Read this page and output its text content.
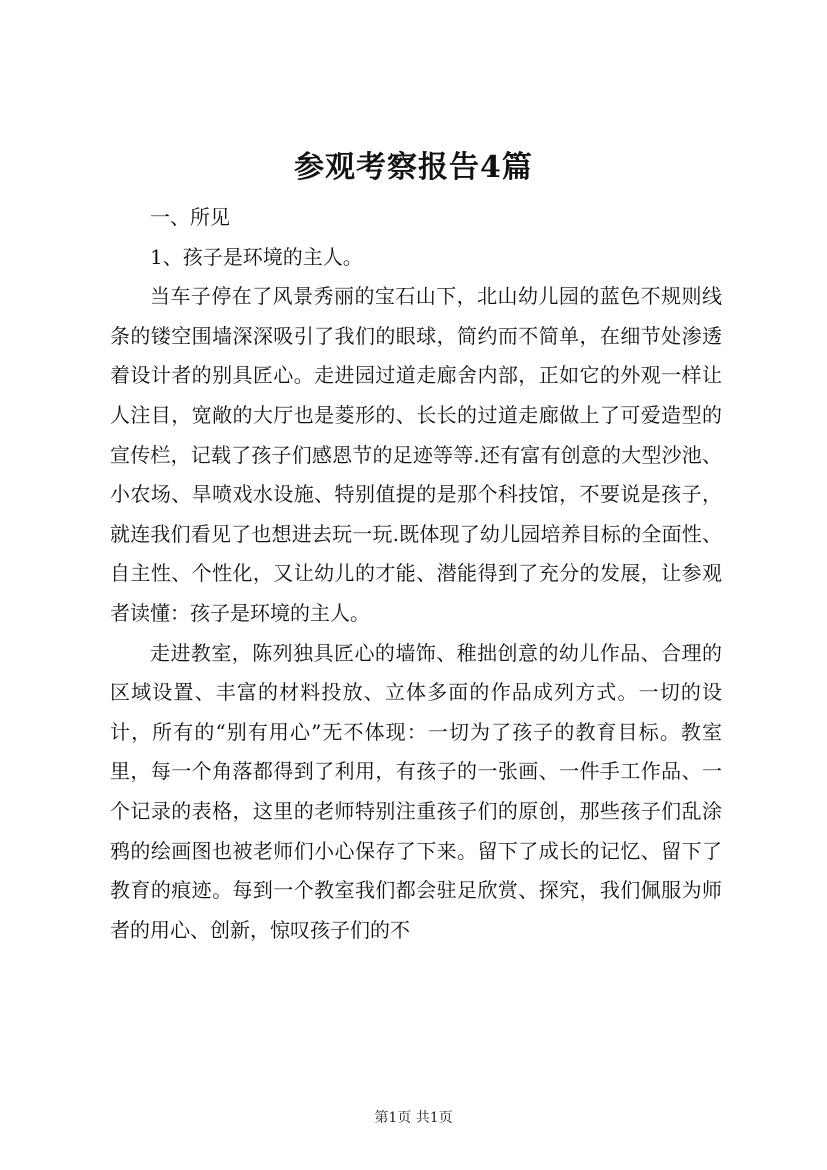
参观考察报告4篇

一、所见

1、孩子是环境的主人。

当车子停在了风景秀丽的宝石山下，北山幼儿园的蓝色不规则线条的镂空围墙深深吸引了我们的眼球，简约而不简单，在细节处渗透着设计者的别具匠心。走进园过道走廊舍内部，正如它的外观一样让人注目，宽敞的大厅也是菱形的、长长的过道走廊做上了可爱造型的宣传栏，记载了孩子们感恩节的足迹等等.还有富有创意的大型沙池、小农场、旱喷戏水设施、特别值提的是那个科技馆，不要说是孩子，就连我们看见了也想进去玩一玩.既体现了幼儿园培养目标的全面性、自主性、个性化，又让幼儿的才能、潜能得到了充分的发展，让参观者读懂：孩子是环境的主人。

走进教室，陈列独具匠心的墙饰、稚拙创意的幼儿作品、合理的区域设置、丰富的材料投放、立体多面的作品成列方式。一切的设计，所有的“别有用心”无不体现：一切为了孩子的教育目标。教室里，每一个角落都得到了利用，有孩子的一张画、一件手工作品、一个记录的表格，这里的老师特别注重孩子们的原创，那些孩子们乱涂鸦的绘画图也被老师们小心保存了下来。留下了成长的记忆、留下了教育的痕迹。每到一个教室我们都会驻足欣赏、探究，我们佩服为师者的用心、创新，惊叹孩子们的不

第1页 共1页
